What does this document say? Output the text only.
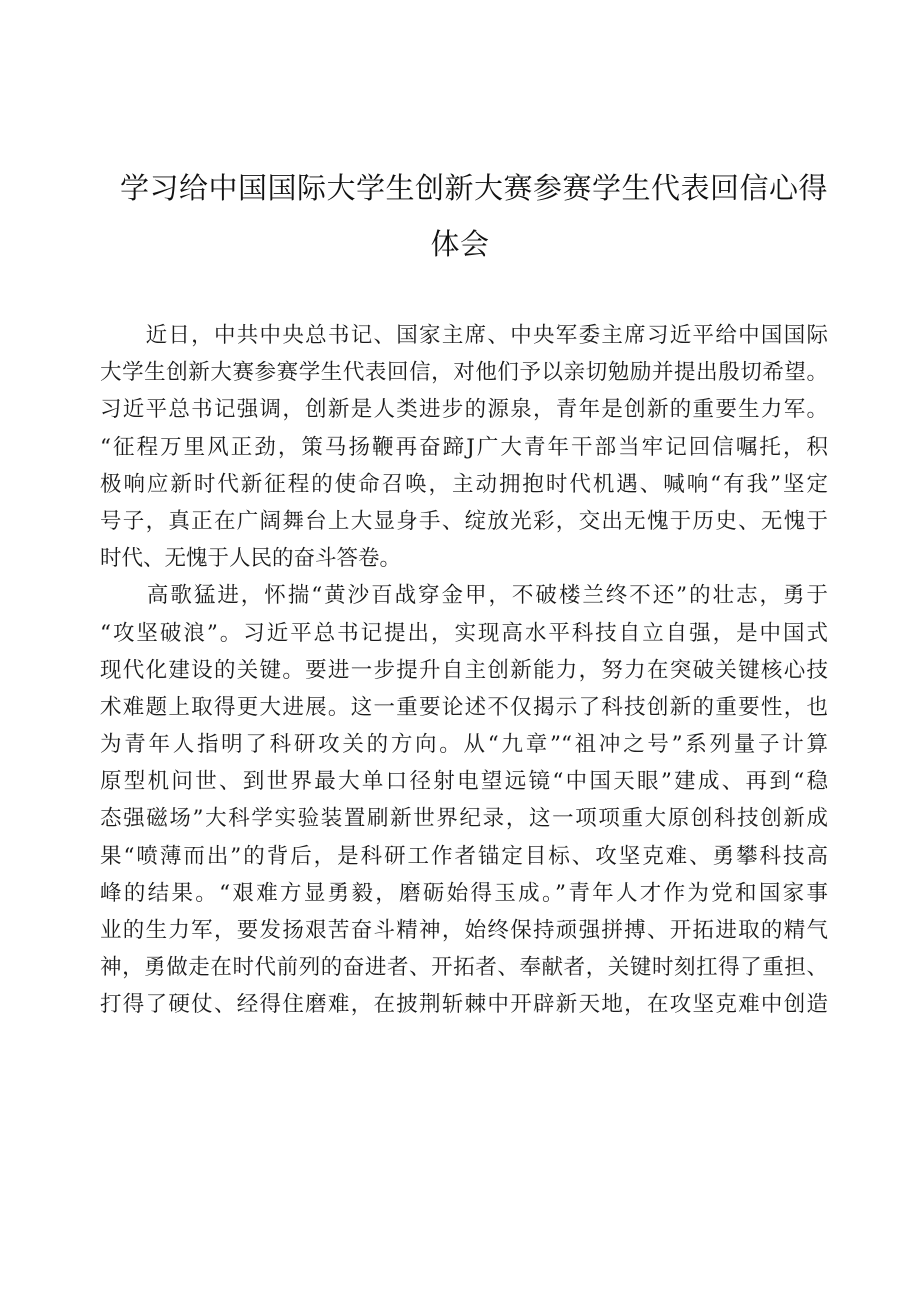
学习给中国国际大学生创新大赛参赛学生代表回信心得
体会
　　近日，中共中央总书记、国家主席、中央军委主席习近平给中国国际
大学生创新大赛参赛学生代表回信，对他们予以亲切勉励并提出殷切希望。
习近平总书记强调，创新是人类进步的源泉，青年是创新的重要生力军。
“征程万里风正劲，策马扬鞭再奋蹄J广大青年干部当牢记回信嘱托，积
极响应新时代新征程的使命召唤，主动拥抱时代机遇、喊响“有我”坚定
号子，真正在广阔舞台上大显身手、绽放光彩，交出无愧于历史、无愧于
时代、无愧于人民的奋斗答卷。
　　高歌猛进，怀揣“黄沙百战穿金甲，不破楼兰终不还”的壮志，勇于
“攻坚破浪”。习近平总书记提出，实现高水平科技自立自强，是中国式
现代化建设的关键。要进一步提升自主创新能力，努力在突破关键核心技
术难题上取得更大进展。这一重要论述不仅揭示了科技创新的重要性，也
为青年人指明了科研攻关的方向。从“九章”“祖冲之号”系列量子计算
原型机问世、到世界最大单口径射电望远镜“中国天眼”建成、再到“稳
态强磁场”大科学实验装置刷新世界纪录，这一项项重大原创科技创新成
果“喷薄而出”的背后，是科研工作者锚定目标、攻坚克难、勇攀科技高
峰的结果。“艰难方显勇毅，磨砺始得玉成。”青年人才作为党和国家事
业的生力军，要发扬艰苦奋斗精神，始终保持顽强拼搏、开拓进取的精气
神，勇做走在时代前列的奋进者、开拓者、奉献者，关键时刻扛得了重担、
打得了硬仗、经得住磨难，在披荆斩棘中开辟新天地，在攻坚克难中创造
